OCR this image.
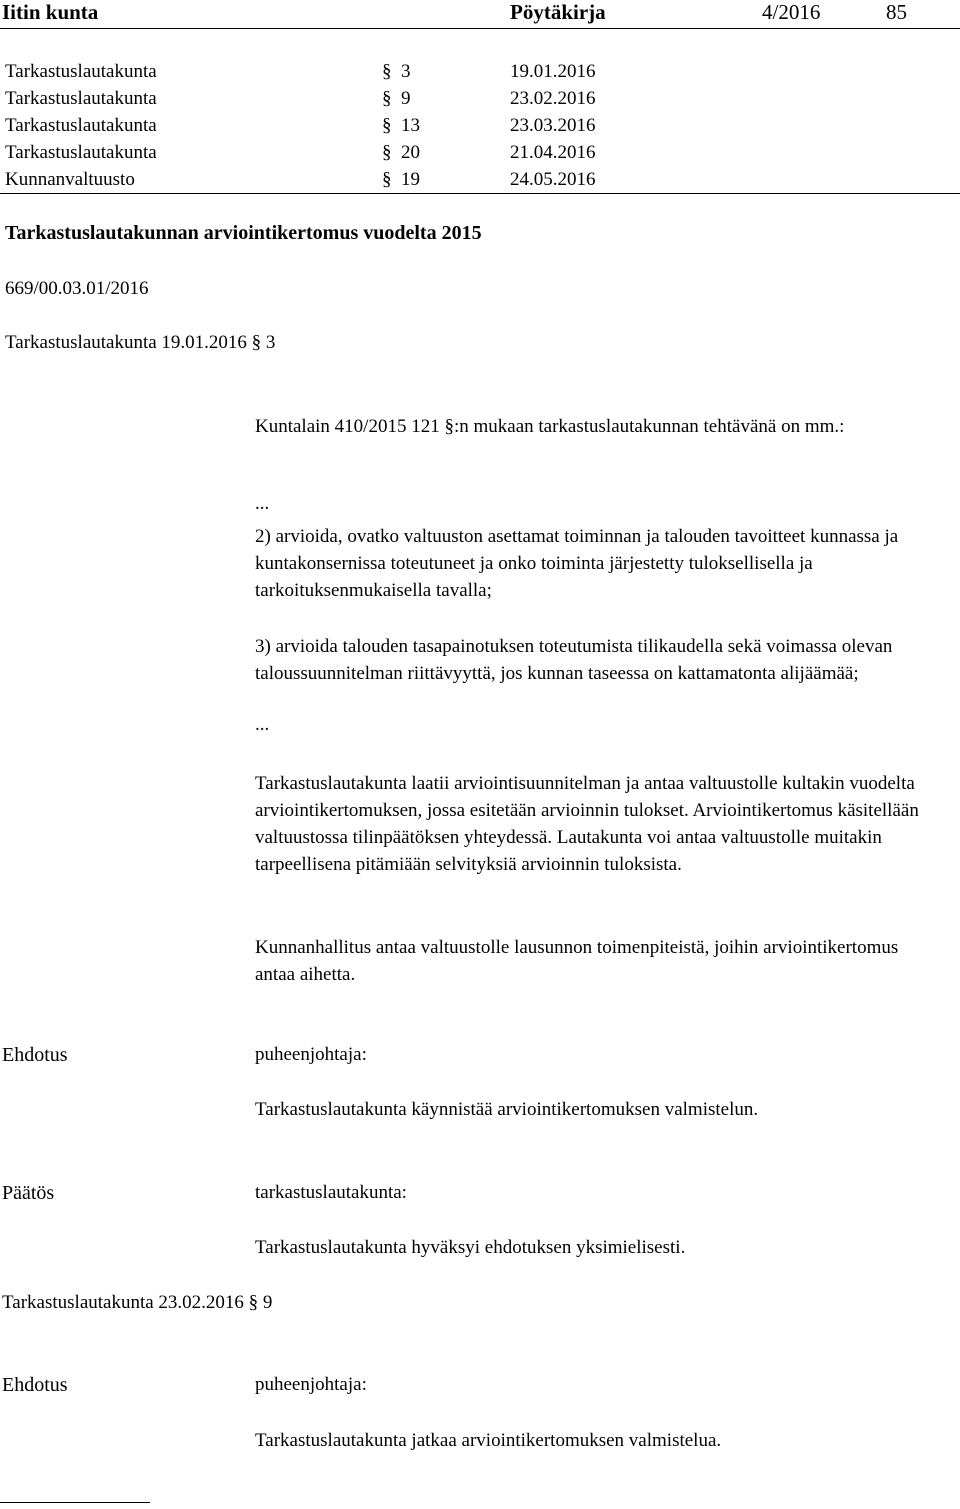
Iitin kunta	Pöytäkirja	4/2016	85
Tarkastuslautakunta	§ 3	19.01.2016
Tarkastuslautakunta	§ 9	23.02.2016
Tarkastuslautakunta	§ 13	23.03.2016
Tarkastuslautakunta	§ 20	21.04.2016
Kunnanvaltuusto	§ 19	24.05.2016
Tarkastuslautakunnan arviointikertomus vuodelta 2015
669/00.03.01/2016
Tarkastuslautakunta 19.01.2016 § 3
Kuntalain 410/2015 121 §:n mukaan tarkastuslautakunnan tehtävänä on mm.:
...
2) arvioida, ovatko valtuuston asettamat toiminnan ja talouden tavoitteet kunnassa ja kuntakonsernissa toteutuneet ja onko toiminta järjestetty tuloksellisella ja tarkoituksenmukaisella tavalla;
3) arvioida talouden tasapainotuksen toteutumista tilikaudella sekä voimassa olevan taloussuunnitelman riittävyyttä, jos kunnan taseessa on kattamatonta alijäämää;
...
Tarkastuslautakunta laatii arviointisuunnitelman ja antaa valtuustolle kultakin vuodelta arviointikertomuksen, jossa esitetään arvioinnin tulokset. Arviointikertomus käsitellään valtuustossa tilinpäätöksen yhteydessä. Lautakunta voi antaa valtuustolle muitakin tarpeellisena pitämiään selvityksiä arvioinnin tuloksista.
Kunnanhallitus antaa valtuustolle lausunnon toimenpiteistä, joihin arviointikertomus antaa aihetta.
Ehdotus	puheenjohtaja:
Tarkastuslautakunta käynnistää arviointikertomuksen valmistelun.
Päätös	tarkastuslautakunta:
Tarkastuslautakunta hyväksyi ehdotuksen yksimielisesti.
Tarkastuslautakunta 23.02.2016 § 9
Ehdotus	puheenjohtaja:
Tarkastuslautakunta jatkaa arviointikertomuksen valmistelua.
